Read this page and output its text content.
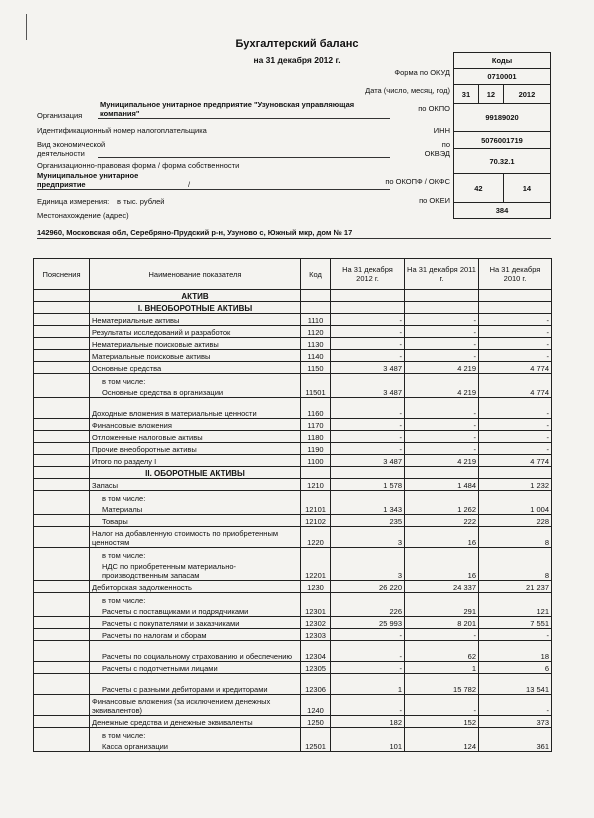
Бухгалтерский баланс
на 31 декабря 2012 г.	Коды		
0710001		
31	12	2012
99189020		
5076001719		
70.32.1		
42		14
384		
Форма по ОКУД
Дата (число, месяц, год)
Организация
Муниципальное унитарное предприятие "Узуновская управляющая
компания"
по ОКПО
Идентификационный номер налогоплательщика	ИНН
Вид экономической
деятельности
по
ОКВЭД
Организационно-правовая форма / форма собственности
Муниципальное унитарное
предприятие	/	по ОКОПФ / ОКФС
Единица измерения: в тыс. рублей	по ОКЕИ
Местонахождение (адрес)
142960, Московская обл, Серебряно-Прудский р-н, Узуново с, Южный мкр, дом № 17
Пояснения	Наименование показателя	Код	На 31 декабря 2012 г.	На 31 декабря 2011 г.	На 31 декабря 2010 г.
	АКТИВ				
	I. ВНЕОБОРОТНЫЕ АКТИВЫ				
	Нематериальные активы	1110	-	-	-
	Результаты исследований и разработок	1120	-	-	-
	Нематериальные поисковые активы	1130	-	-	-
	Материальные поисковые активы	1140	-	-	-
	Основные средства	1150	3 487	4 219	4 774
	в том числе:				
	Основные средства в организации	11501	3 487	4 219	4 774
	Доходные вложения в материальные ценности	1160	-	-	-
	Финансовые вложения	1170	-	-	-
	Отложенные налоговые активы	1180	-	-	-
	Прочие внеоборотные активы	1190	-	-	-
	Итого по разделу I	1100	3 487	4 219	4 774
	II. ОБОРОТНЫЕ АКТИВЫ				
	Запасы	1210	1 578	1 484	1 232
	в том числе:				
	Материалы	12101	1 343	1 262	1 004
	Товары	12102	235	222	228
	Налог на добавленную стоимость по приобретенным ценностям	1220	3	16	8
	в том числе:				
	НДС по приобретенным материально-производственным запасам	12201	3	16	8
	Дебиторская задолженность	1230	26 220	24 337	21 237
	в том числе:				
	Расчеты с поставщиками и подрядчиками	12301	226	291	121
	Расчеты с покупателями и заказчиками	12302	25 993	8 201	7 551
	Расчеты по налогам и сборам	12303	-	-	-
	Расчеты по социальному страхованию и обеспечению	12304	-	62	18
	Расчеты с подотчетными лицами	12305	-	1	6
	Расчеты с разными дебиторами и кредиторами	12306	1	15 782	13 541
	Финансовые вложения (за исключением денежных эквивалентов)	1240	-	-	-
	Денежные средства и денежные эквиваленты	1250	182	152	373
	в том числе:				
	Касса организации	12501	101	124	361
